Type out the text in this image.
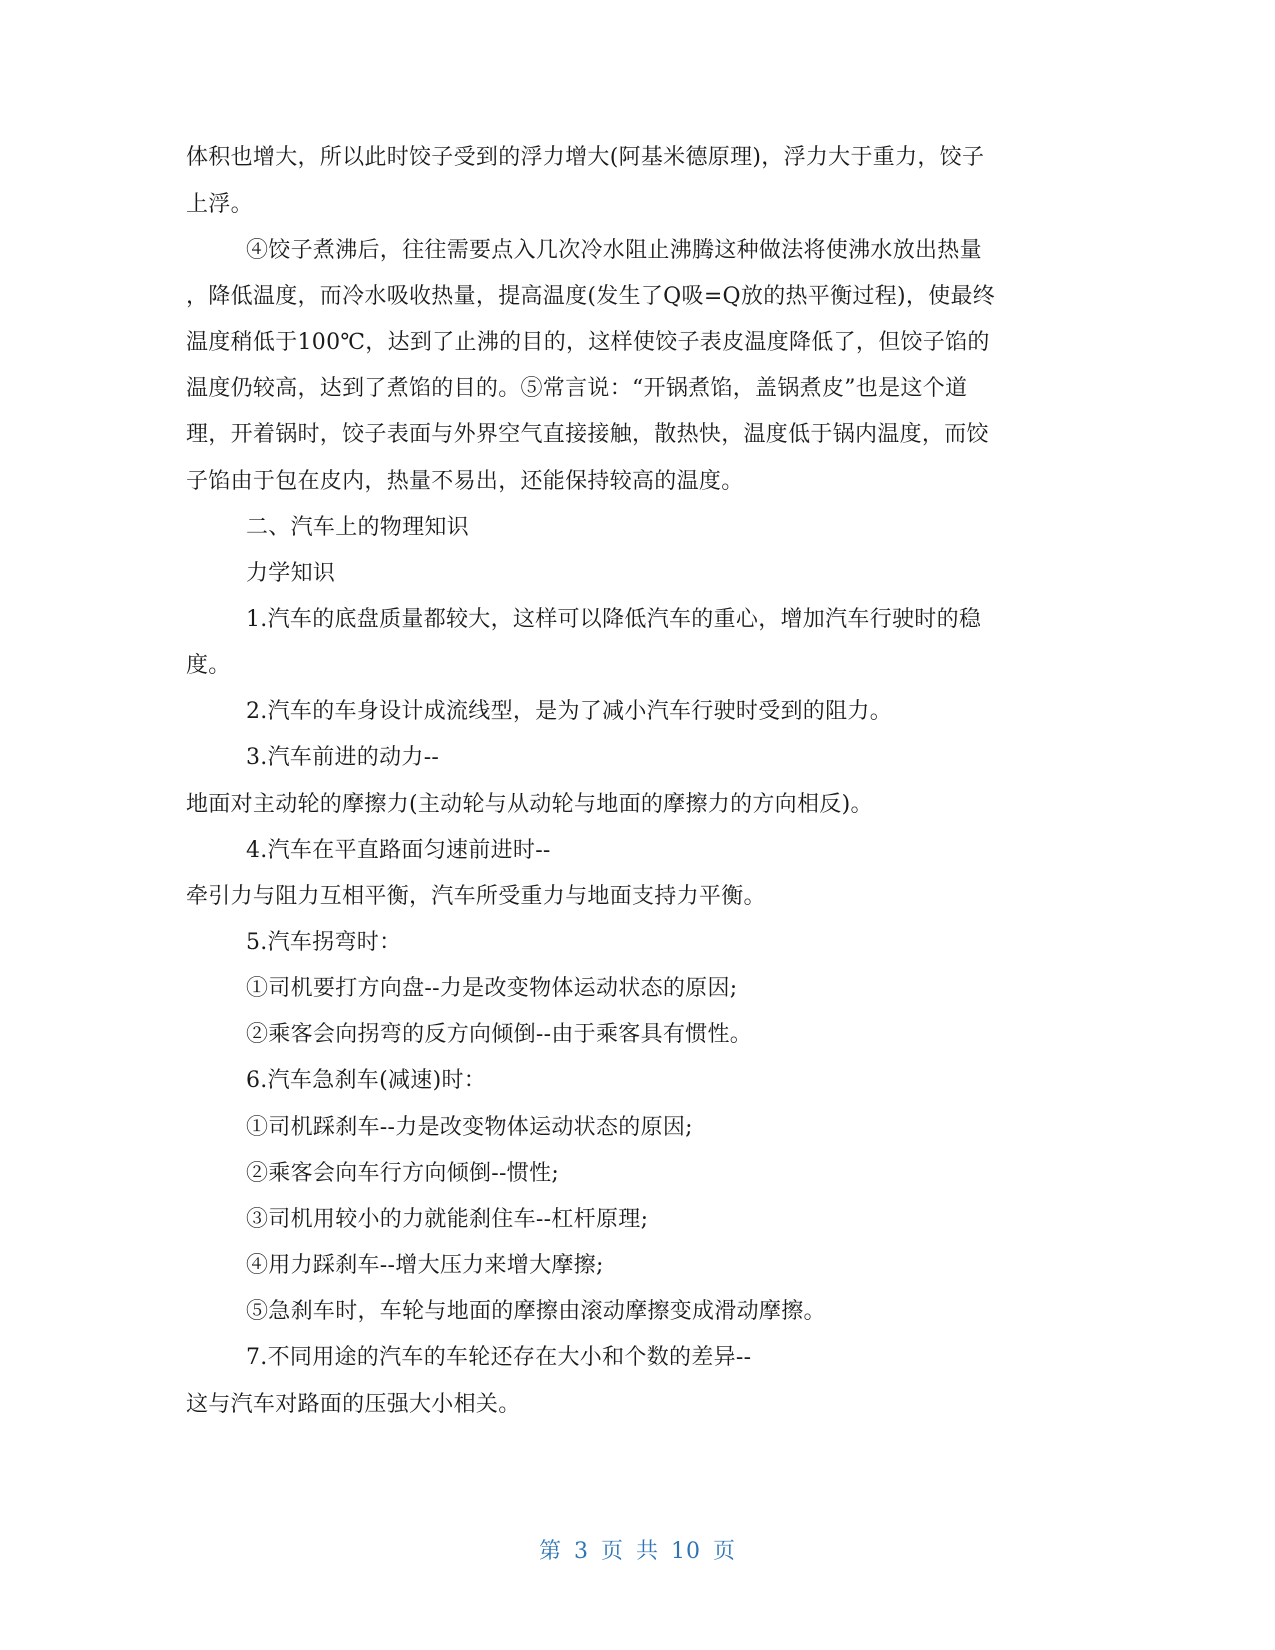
体积也增大，所以此时饺子受到的浮力增大(阿基米德原理)，浮力大于重力，饺子
上浮。
④饺子煮沸后，往往需要点入几次冷水阻止沸腾这种做法将使沸水放出热量
，降低温度，而冷水吸收热量，提高温度(发生了Q吸=Q放的热平衡过程)，使最终
温度稍低于100℃，达到了止沸的目的，这样使饺子表皮温度降低了，但饺子馅的
温度仍较高，达到了煮馅的目的。⑤常言说：“开锅煮馅，盖锅煮皮”也是这个道
理，开着锅时，饺子表面与外界空气直接接触，散热快，温度低于锅内温度，而饺
子馅由于包在皮内，热量不易出，还能保持较高的温度。
二、汽车上的物理知识
力学知识
1.汽车的底盘质量都较大，这样可以降低汽车的重心，增加汽车行驶时的稳
度。
2.汽车的车身设计成流线型，是为了减小汽车行驶时受到的阻力。
3.汽车前进的动力--
地面对主动轮的摩擦力(主动轮与从动轮与地面的摩擦力的方向相反)。
4.汽车在平直路面匀速前进时--
牵引力与阻力互相平衡，汽车所受重力与地面支持力平衡。
5.汽车拐弯时：
①司机要打方向盘--力是改变物体运动状态的原因;
②乘客会向拐弯的反方向倾倒--由于乘客具有惯性。
6.汽车急刹车(减速)时：
①司机踩刹车--力是改变物体运动状态的原因;
②乘客会向车行方向倾倒--惯性;
③司机用较小的力就能刹住车--杠杆原理;
④用力踩刹车--增大压力来增大摩擦;
⑤急刹车时，车轮与地面的摩擦由滚动摩擦变成滑动摩擦。
7.不同用途的汽车的车轮还存在大小和个数的差异--
这与汽车对路面的压强大小相关。
第 3 页 共 10 页
